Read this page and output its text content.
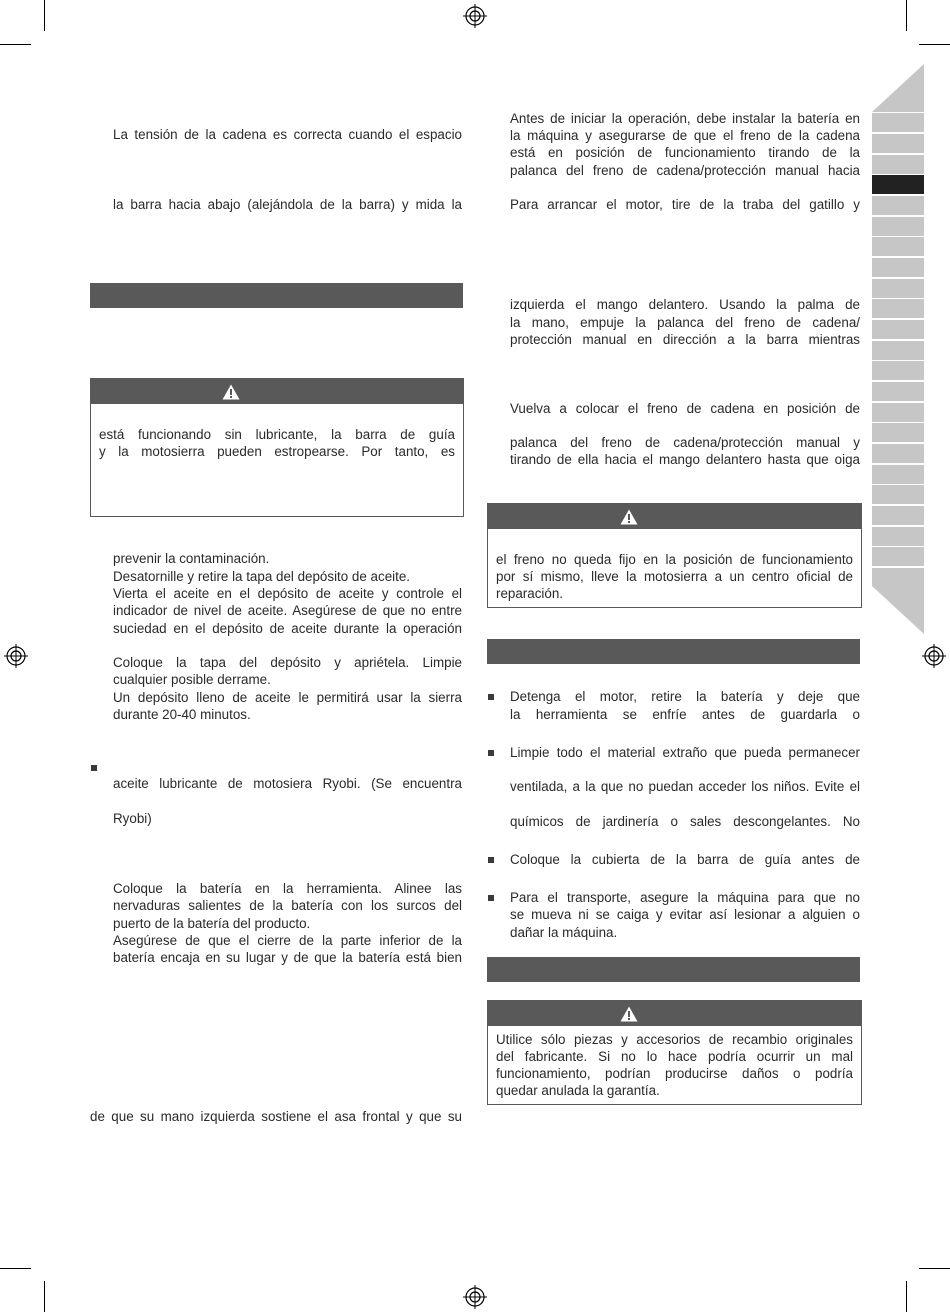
La tensión de la cadena es correcta cuando el espacio
la barra hacia abajo (alejándola de la barra) y mida la
está funcionando sin lubricante, la barra de guía
y la motosierra pueden estropearse. Por tanto, es
prevenir la contaminación.
Desatornille y retire la tapa del depósito de aceite.
Vierta el aceite en el depósito de aceite y controle el
indicador de nivel de aceite. Asegúrese de que no entre
suciedad en el depósito de aceite durante la operación
Coloque la tapa del depósito y apriétela. Limpie
cualquier posible derrame.
Un depósito lleno de aceite le permitirá usar la sierra
durante 20-40 minutos.
aceite lubricante de motosiera Ryobi. (Se encuentra
Ryobi)
Coloque la batería en la herramienta. Alinee las
nervaduras salientes de la batería con los surcos del
puerto de la batería del producto.
Asegúrese de que el cierre de la parte inferior de la
batería encaja en su lugar y de que la batería está bien
de que su mano izquierda sostiene el asa frontal y que su
Antes de iniciar la operación, debe instalar la batería en
la máquina y asegurarse de que el freno de la cadena
está en posición de funcionamiento tirando de la
palanca del freno de cadena/protección manual hacia
Para arrancar el motor, tire de la traba del gatillo y
izquierda el mango delantero. Usando la palma de
la mano, empuje la palanca del freno de cadena/
protección manual en dirección a la barra mientras
Vuelva a colocar el freno de cadena en posición de
palanca del freno de cadena/protección manual y
tirando de ella hacia el mango delantero hasta que oiga
el freno no queda fijo en la posición de funcionamiento
por sí mismo, lleve la motosierra a un centro oficial de
reparación.
Detenga el motor, retire la batería y deje que
la herramienta se enfríe antes de guardarla o
Limpie todo el material extraño que pueda permanecer
ventilada, a la que no puedan acceder los niños. Evite el
químicos de jardinería o sales descongelantes. No
Coloque la cubierta de la barra de guía antes de
Para el transporte, asegure la máquina para que no
se mueva ni se caiga y evitar así lesionar a alguien o
dañar la máquina.
Utilice sólo piezas y accesorios de recambio originales
del fabricante. Si no lo hace podría ocurrir un mal
funcionamiento, podrían producirse daños o podría
quedar anulada la garantía.
